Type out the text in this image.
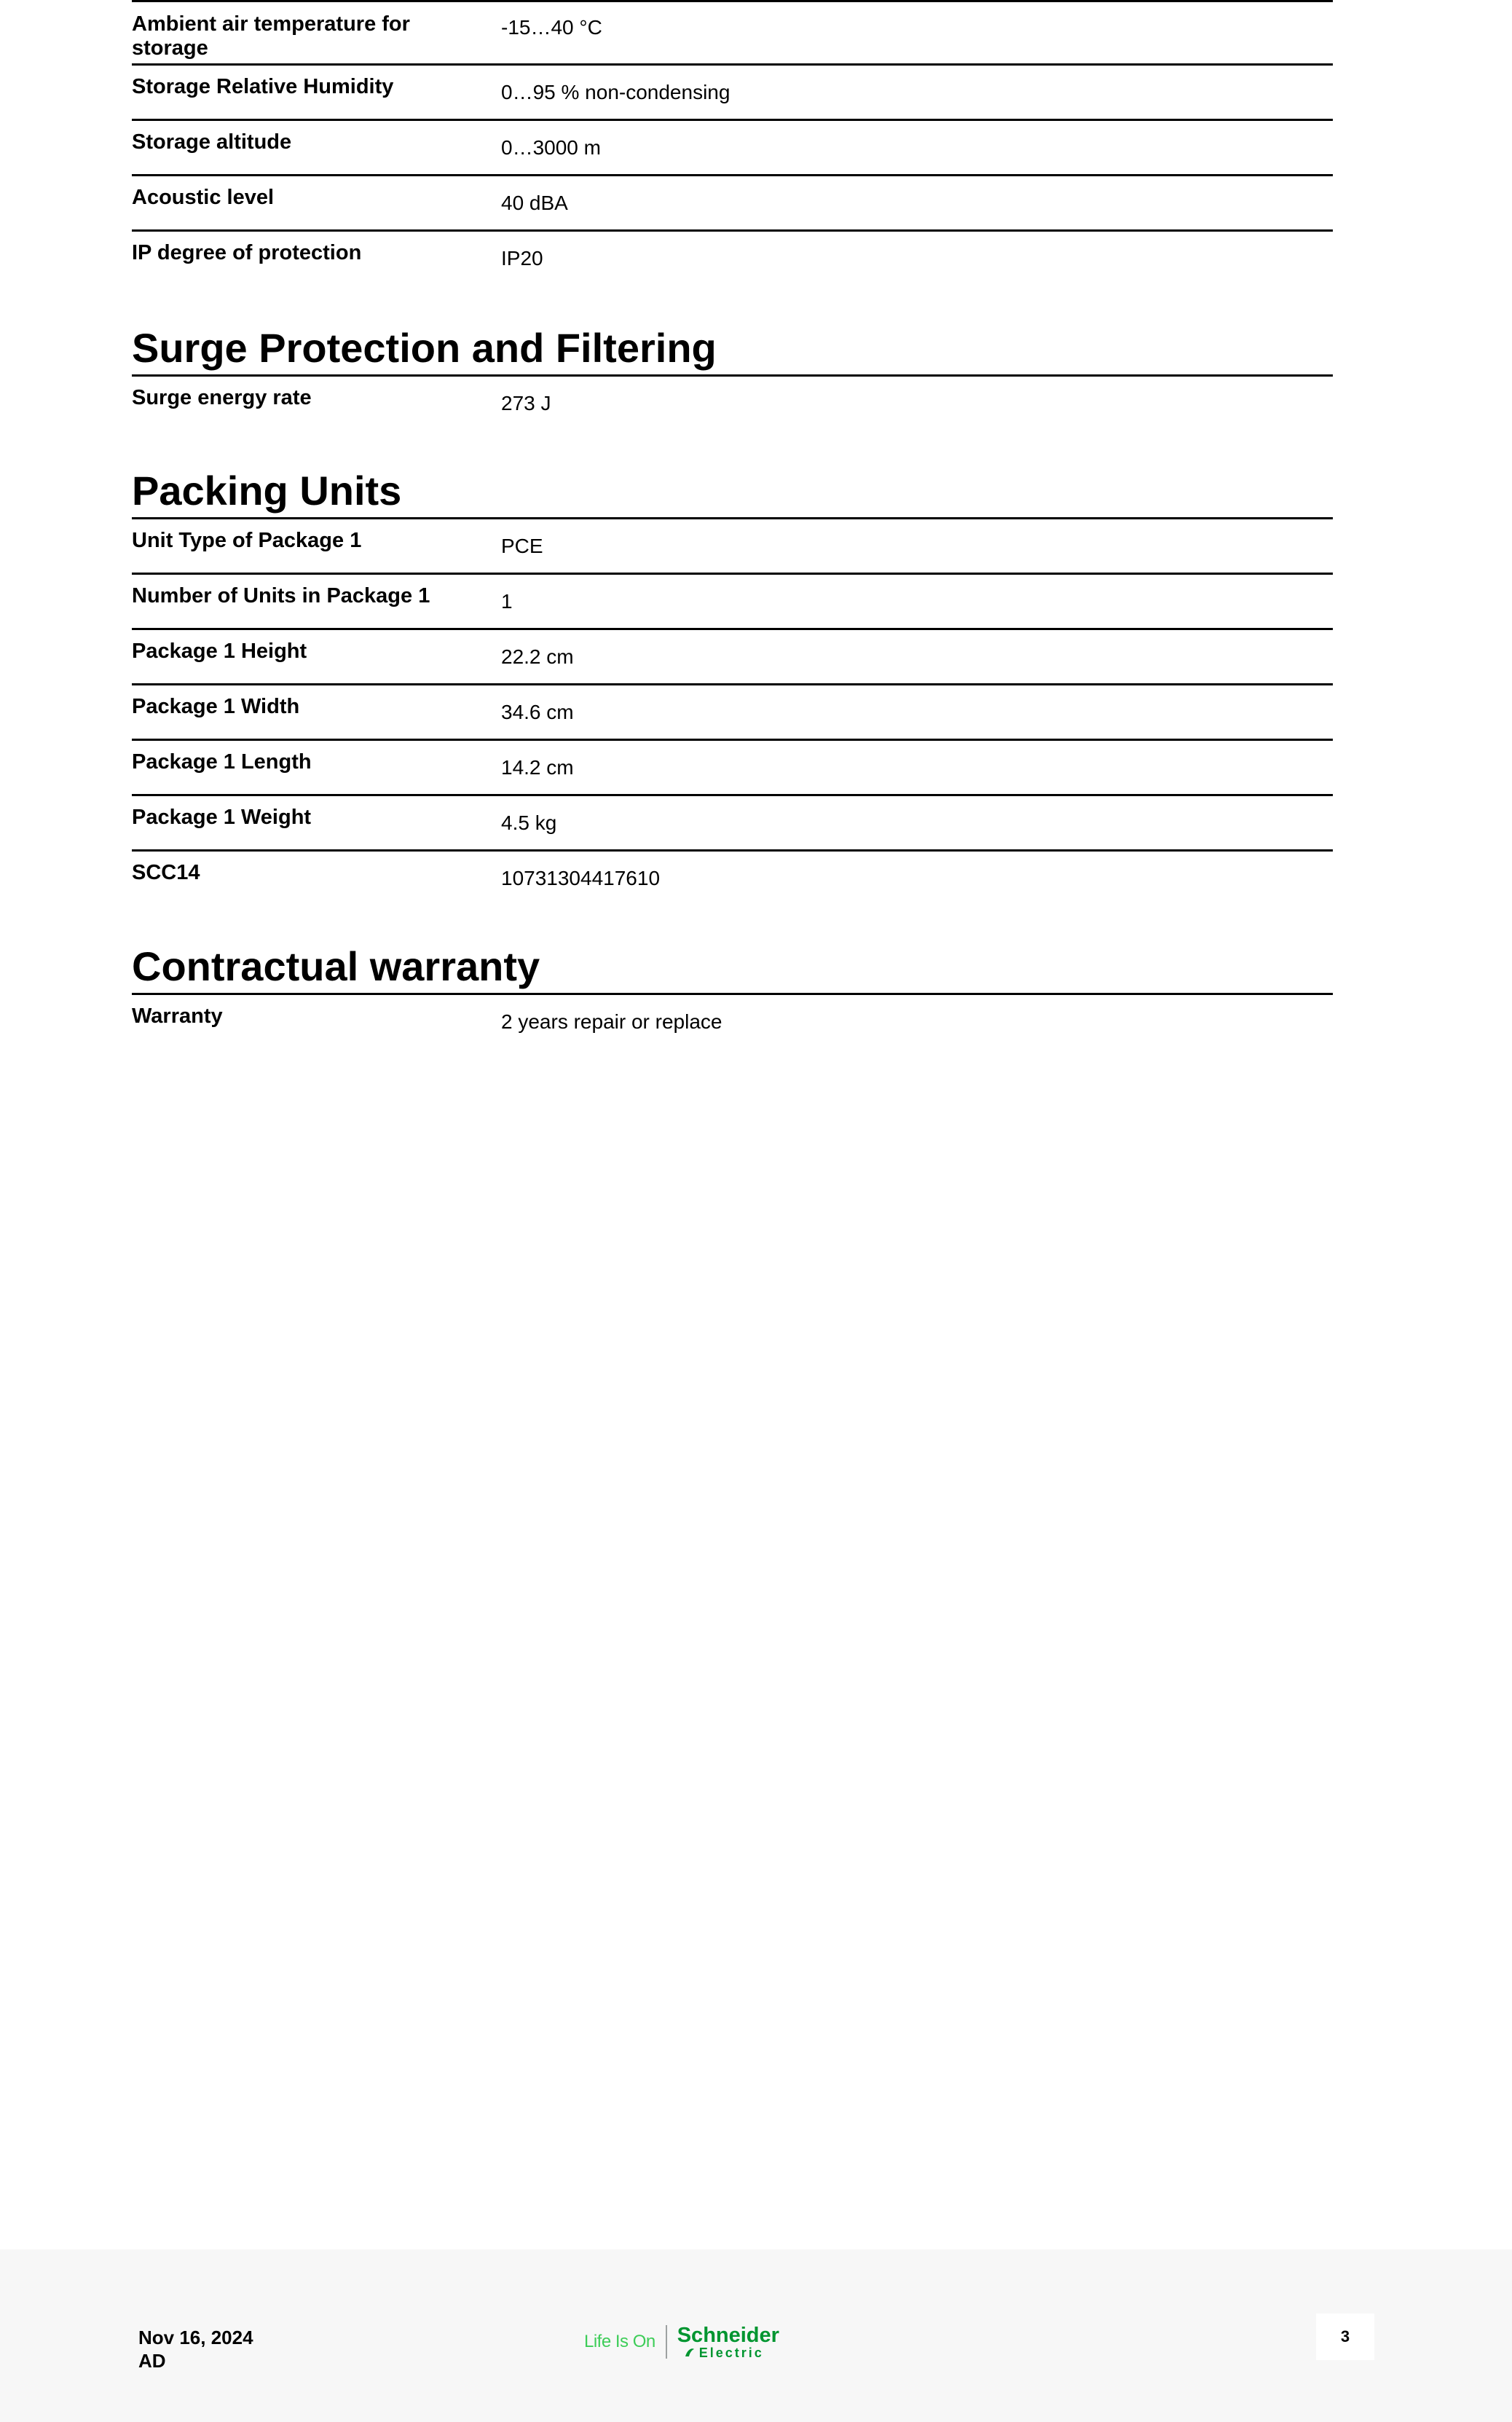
Ambient air temperature for storage	-15…40 °C
Storage Relative Humidity	0…95 % non-condensing
Storage altitude	0…3000 m
Acoustic level	40 dBA
IP degree of protection	IP20
Surge Protection and Filtering
Surge energy rate	273 J
Packing Units
Unit Type of Package 1	PCE
Number of Units in Package 1	1
Package 1 Height	22.2 cm
Package 1 Width	34.6 cm
Package 1 Length	14.2 cm
Package 1 Weight	4.5 kg
SCC14	10731304417610
Contractual warranty
Warranty	2 years repair or replace
Nov 16, 2024
AD
Life Is On Schneider
Electric
3
